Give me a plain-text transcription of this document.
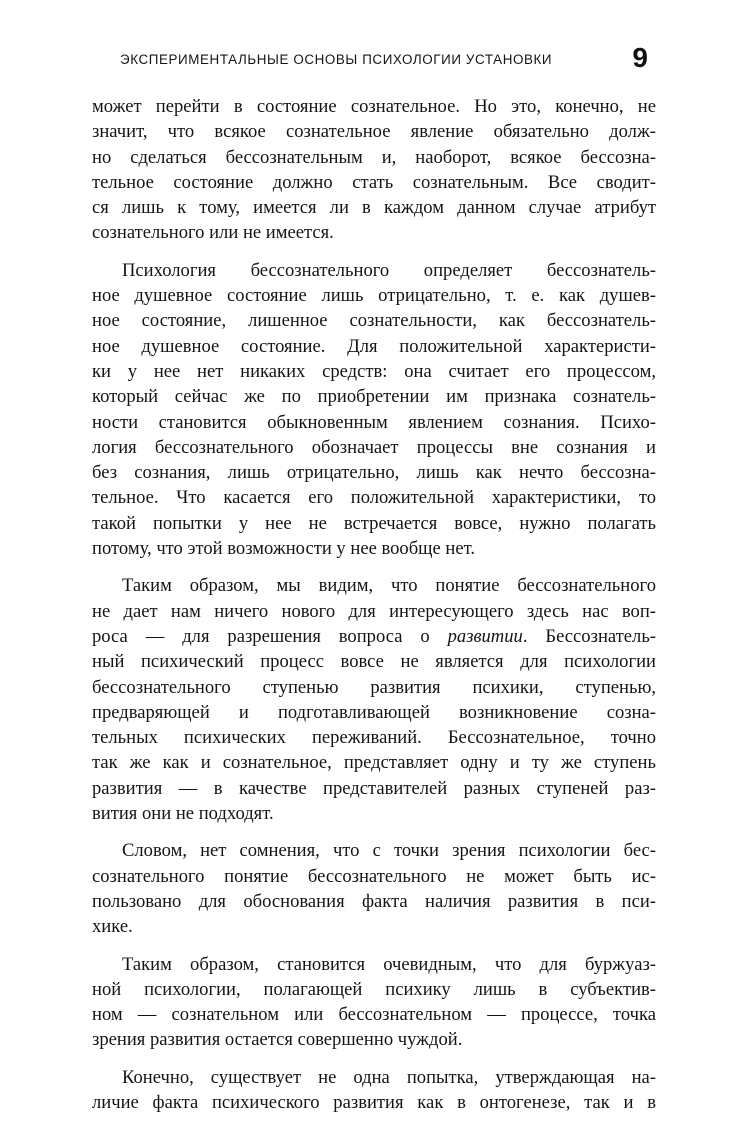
ЭКСПЕРИМЕНТАЛЬНЫЕ ОСНОВЫ ПСИХОЛОГИИ УСТАНОВКИ	9

может перейти в состояние сознательное. Но это, конечно, не
значит, что всякое сознательное явление обязательно долж-
но сделаться бессознательным и, наоборот, всякое бессозна-
тельное состояние должно стать сознательным. Все сводит-
ся лишь к тому, имеется ли в каждом данном случае атрибут
сознательного или не имеется.

Психология бессознательного определяет бессознатель-
ное душевное состояние лишь отрицательно, т. е. как душев-
ное состояние, лишенное сознательности, как бессознатель-
ное душевное состояние. Для положительной характеристи-
ки у нее нет никаких средств: она считает его процессом,
который сейчас же по приобретении им признака сознатель-
ности становится обыкновенным явлением сознания. Психо-
логия бессознательного обозначает процессы вне сознания и
без сознания, лишь отрицательно, лишь как нечто бессозна-
тельное. Что касается его положительной характеристики, то
такой попытки у нее не встречается вовсе, нужно полагать
потому, что этой возможности у нее вообще нет.

Таким образом, мы видим, что понятие бессознательного
не дает нам ничего нового для интересующего здесь нас воп-
роса — для разрешения вопроса о развитии. Бессознатель-
ный психический процесс вовсе не является для психологии
бессознательного ступенью развития психики, ступенью,
предваряющей и подготавливающей возникновение созна-
тельных психических переживаний. Бессознательное, точно
так же как и сознательное, представляет одну и ту же ступень
развития — в качестве представителей разных ступеней раз-
вития они не подходят.

Словом, нет сомнения, что с точки зрения психологии бес-
сознательного понятие бессознательного не может быть ис-
пользовано для обоснования факта наличия развития в пси-
хике.

Таким образом, становится очевидным, что для буржуаз-
ной психологии, полагающей психику лишь в субъектив-
ном — сознательном или бессознательном — процессе, точка
зрения развития остается совершенно чуждой.

Конечно, существует не одна попытка, утверждающая на-
личие факта психического развития как в онтогенезе, так и в
